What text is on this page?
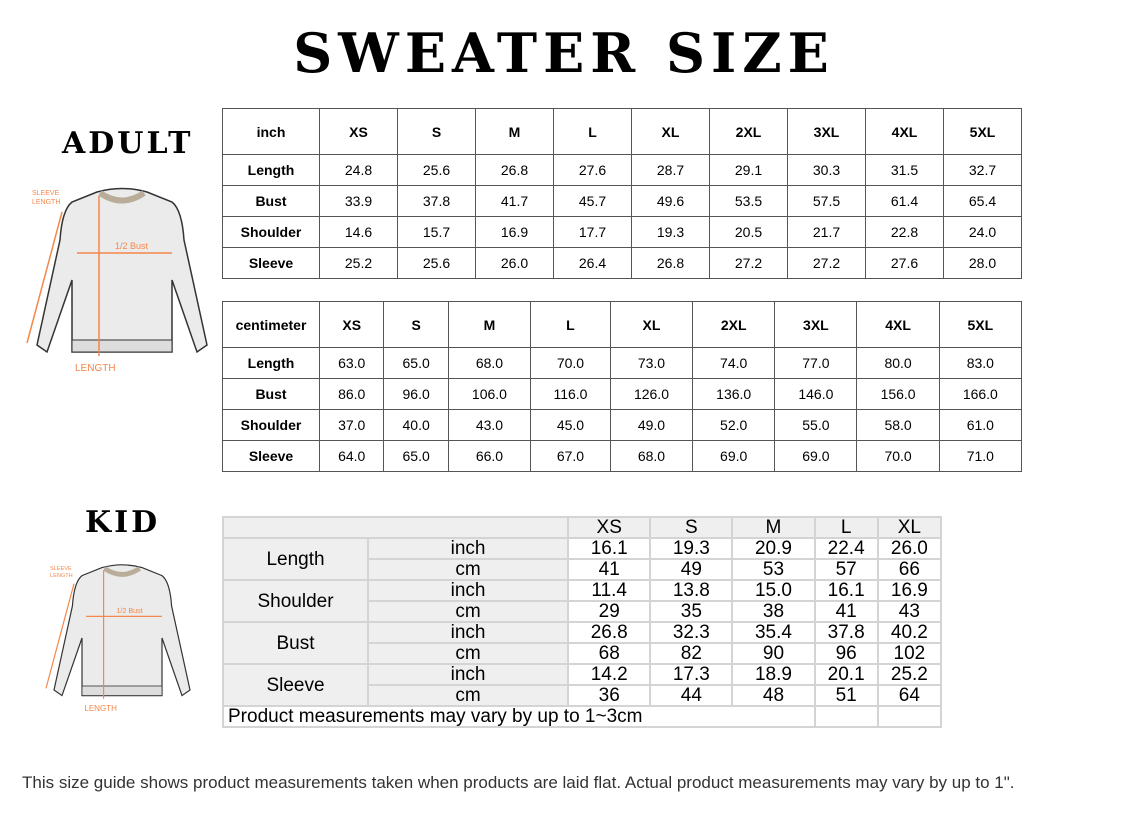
SWEATER SIZE
ADULT
KID
1/2 Bust
LENGTH
SLEEVE
LENGTH
1/2 Bust
LENGTH
SLEEVE
LENGTH
inch	XS	S	M	L	XL	2XL	3XL	4XL	5XL
Length	24.8	25.6	26.8	27.6	28.7	29.1	30.3	31.5	32.7
Bust	33.9	37.8	41.7	45.7	49.6	53.5	57.5	61.4	65.4
Shoulder	14.6	15.7	16.9	17.7	19.3	20.5	21.7	22.8	24.0
Sleeve	25.2	25.6	26.0	26.4	26.8	27.2	27.2	27.6	28.0
centimeter	XS	S	M	L	XL	2XL	3XL	4XL	5XL
Length	63.0	65.0	68.0	70.0	73.0	74.0	77.0	80.0	83.0
Bust	86.0	96.0	106.0	116.0	126.0	136.0	146.0	156.0	166.0
Shoulder	37.0	40.0	43.0	45.0	49.0	52.0	55.0	58.0	61.0
Sleeve	64.0	65.0	66.0	67.0	68.0	69.0	69.0	70.0	71.0
		XS	S	M	L	XL
Length	inch	16.1	19.3	20.9	22.4	26.0
	cm	41	49	53	57	66
Shoulder	inch	11.4	13.8	15.0	16.1	16.9
	cm	29	35	38	41	43
Bust	inch	26.8	32.3	35.4	37.8	40.2
	cm	68	82	90	96	102
Sleeve	inch	14.2	17.3	18.9	20.1	25.2
	cm	36	44	48	51	64
Product measurements may vary by up to 1~3cm						
This size guide shows product measurements taken when products are laid flat. Actual product measurements may vary by up to 1".
